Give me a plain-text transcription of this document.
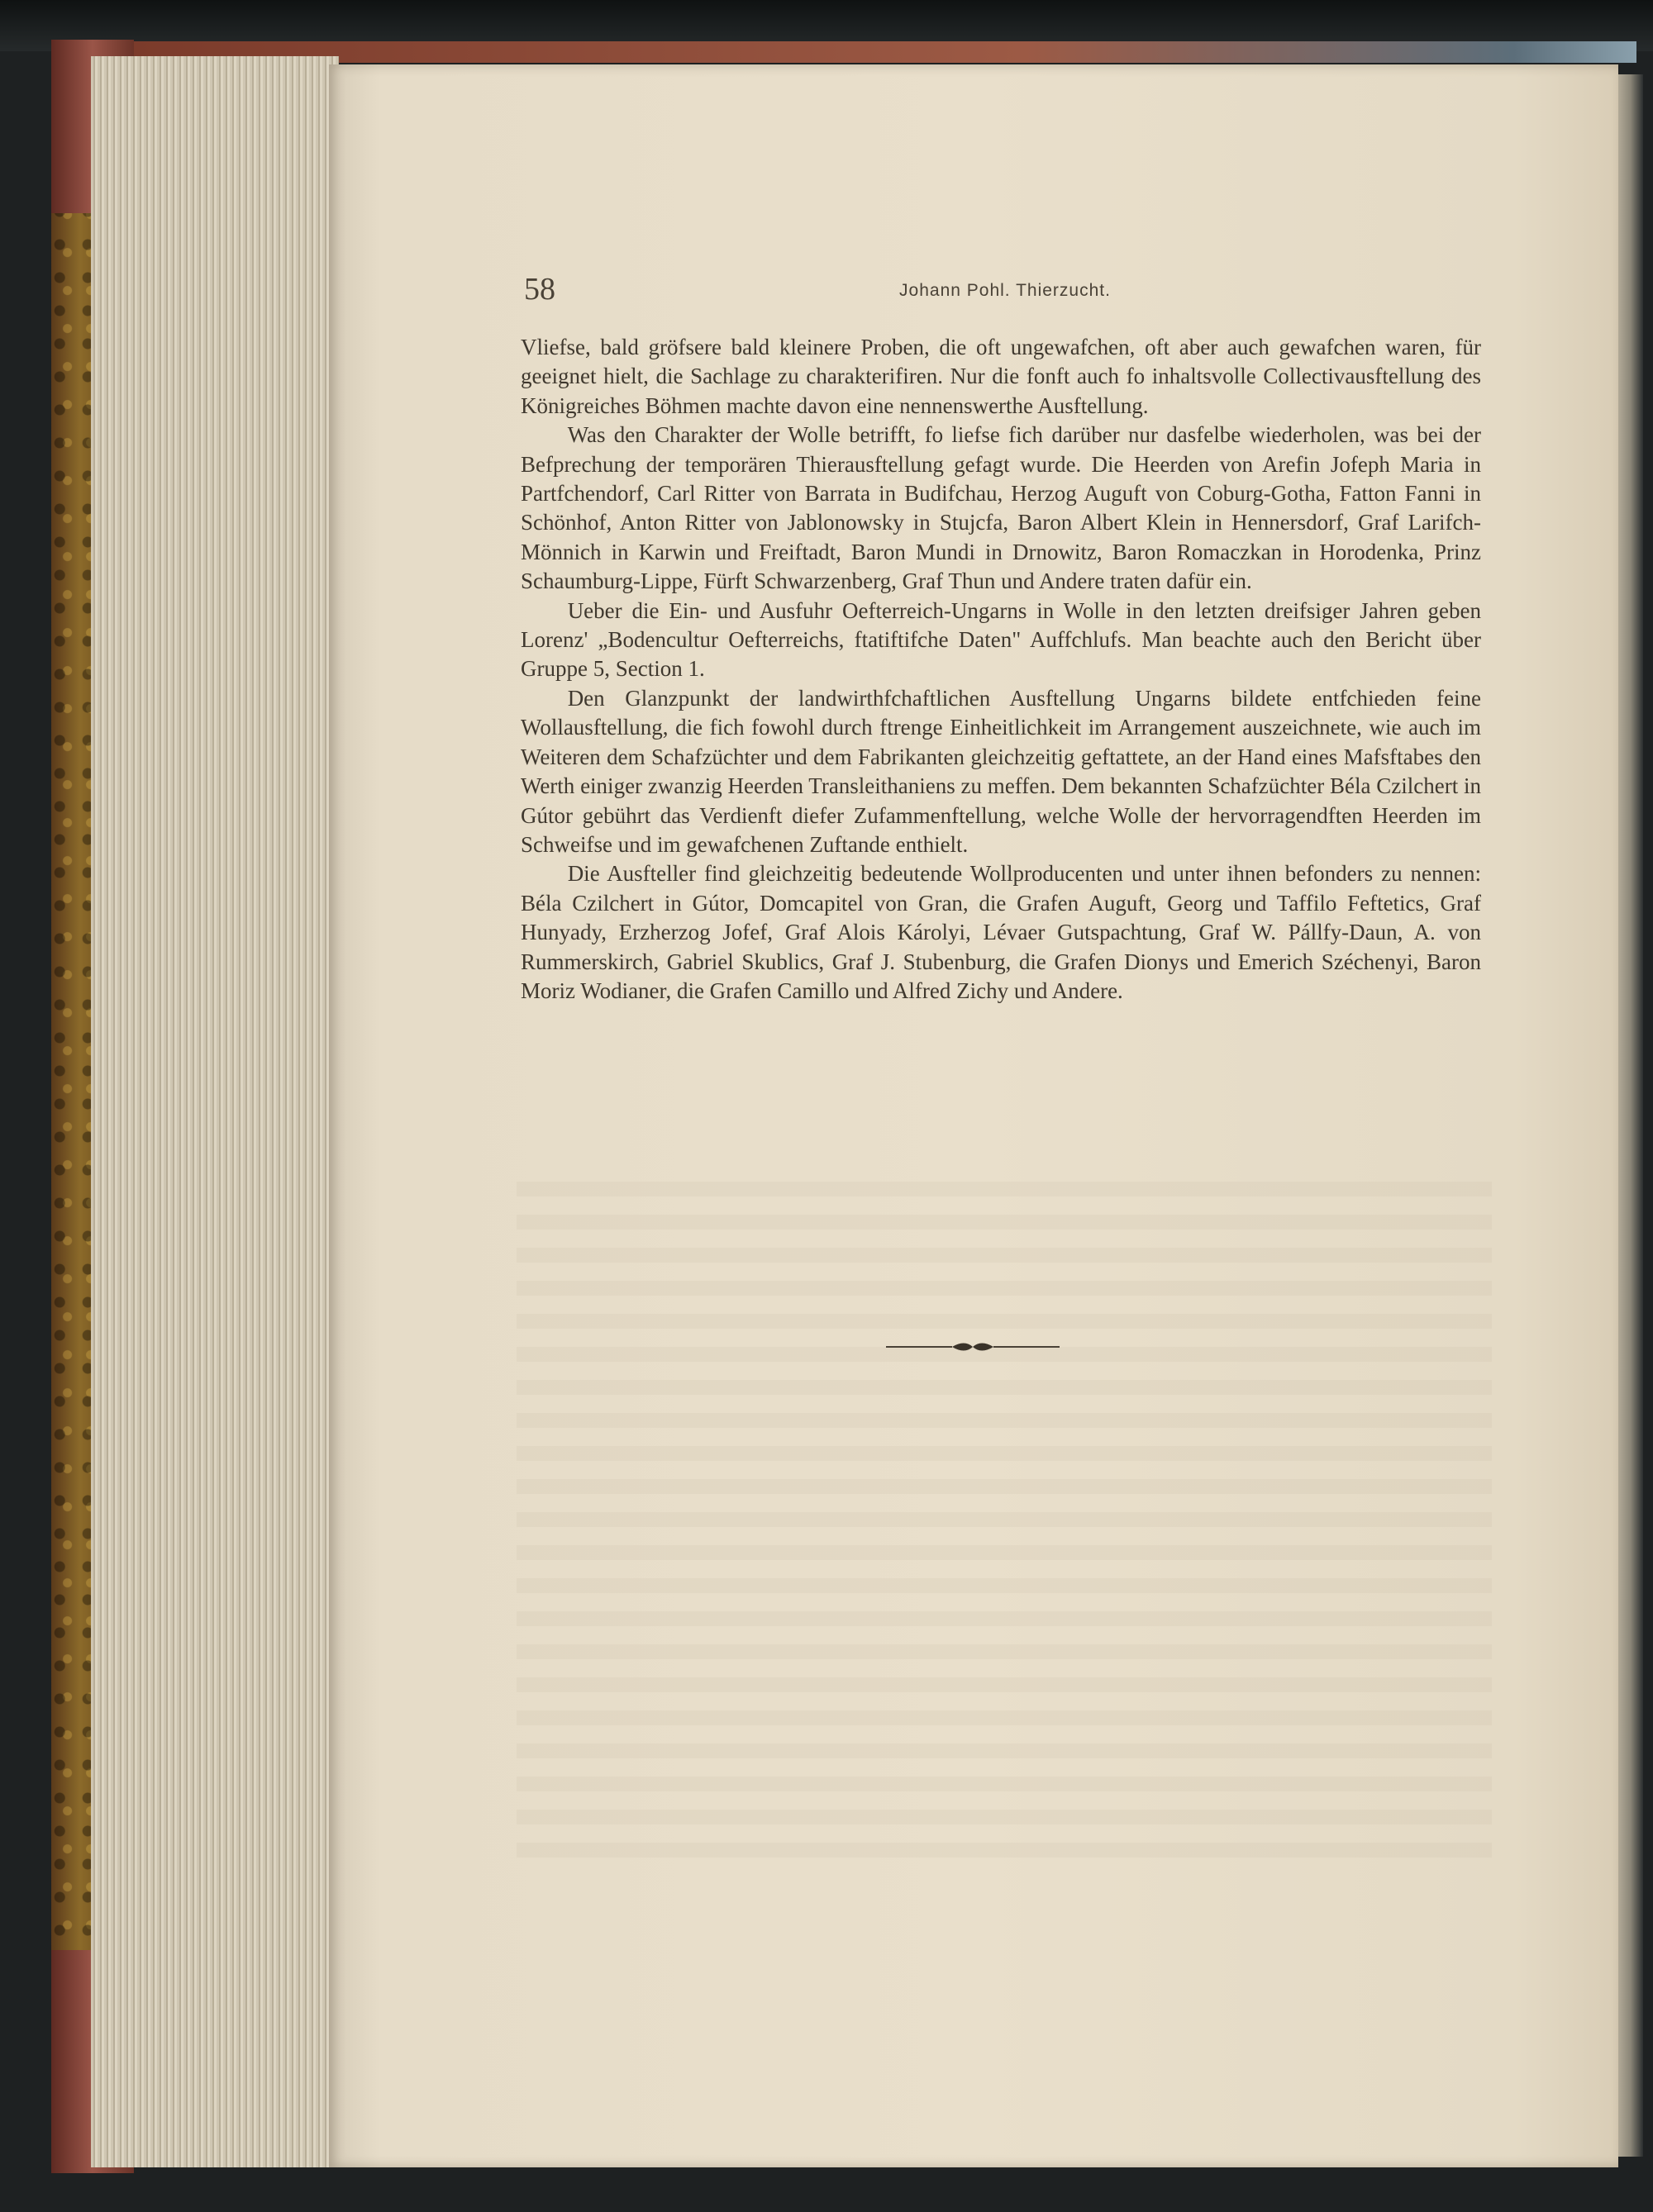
58	Johann Pohl. Thierzucht.

Vliefse, bald gröfsere bald kleinere Proben, die oft ungewafchen, oft aber auch gewafchen waren, für geeignet hielt, die Sachlage zu charakterifiren. Nur die fonft auch fo inhaltsvolle Collectivausftellung des Königreiches Böhmen machte davon eine nennenswerthe Ausftellung.

Was den Charakter der Wolle betrifft, fo liefse fich darüber nur dasfelbe wiederholen, was bei der Befprechung der temporären Thierausftellung gefagt wurde. Die Heerden von Arefin Jofeph Maria in Partfchendorf, Carl Ritter von Barrata in Budifchau, Herzog Auguft von Coburg-Gotha, Fatton Fanni in Schönhof, Anton Ritter von Jablonowsky in Stujcfa, Baron Albert Klein in Hennersdorf, Graf Larifch-Mönnich in Karwin und Freiftadt, Baron Mundi in Drnowitz, Baron Romaczkan in Horodenka, Prinz Schaumburg-Lippe, Fürft Schwarzenberg, Graf Thun und Andere traten dafür ein.

Ueber die Ein- und Ausfuhr Oefterreich-Ungarns in Wolle in den letzten dreifsiger Jahren geben Lorenz' „Bodencultur Oefterreichs, ftatiftifche Daten" Auffchlufs. Man beachte auch den Bericht über Gruppe 5, Section 1.

Den Glanzpunkt der landwirthfchaftlichen Ausftellung Ungarns bildete entfchieden feine Wollausftellung, die fich fowohl durch ftrenge Einheitlichkeit im Arrangement auszeichnete, wie auch im Weiteren dem Schafzüchter und dem Fabrikanten gleichzeitig geftattete, an der Hand eines Mafsftabes den Werth einiger zwanzig Heerden Transleithaniens zu meffen. Dem bekannten Schafzüchter Béla Czilchert in Gútor gebührt das Verdienft diefer Zufammenftellung, welche Wolle der hervorragendften Heerden im Schweifse und im gewafchenen Zuftande enthielt.

Die Ausfteller find gleichzeitig bedeutende Wollproducenten und unter ihnen befonders zu nennen: Béla Czilchert in Gútor, Domcapitel von Gran, die Grafen Auguft, Georg und Taffilo Feftetics, Graf Hunyady, Erzherzog Jofef, Graf Alois Károlyi, Lévaer Gutspachtung, Graf W. Pállfy-Daun, A. von Rummerskirch, Gabriel Skublics, Graf J. Stubenburg, die Grafen Dionys und Emerich Széchenyi, Baron Moriz Wodianer, die Grafen Camillo und Alfred Zichy und Andere.
